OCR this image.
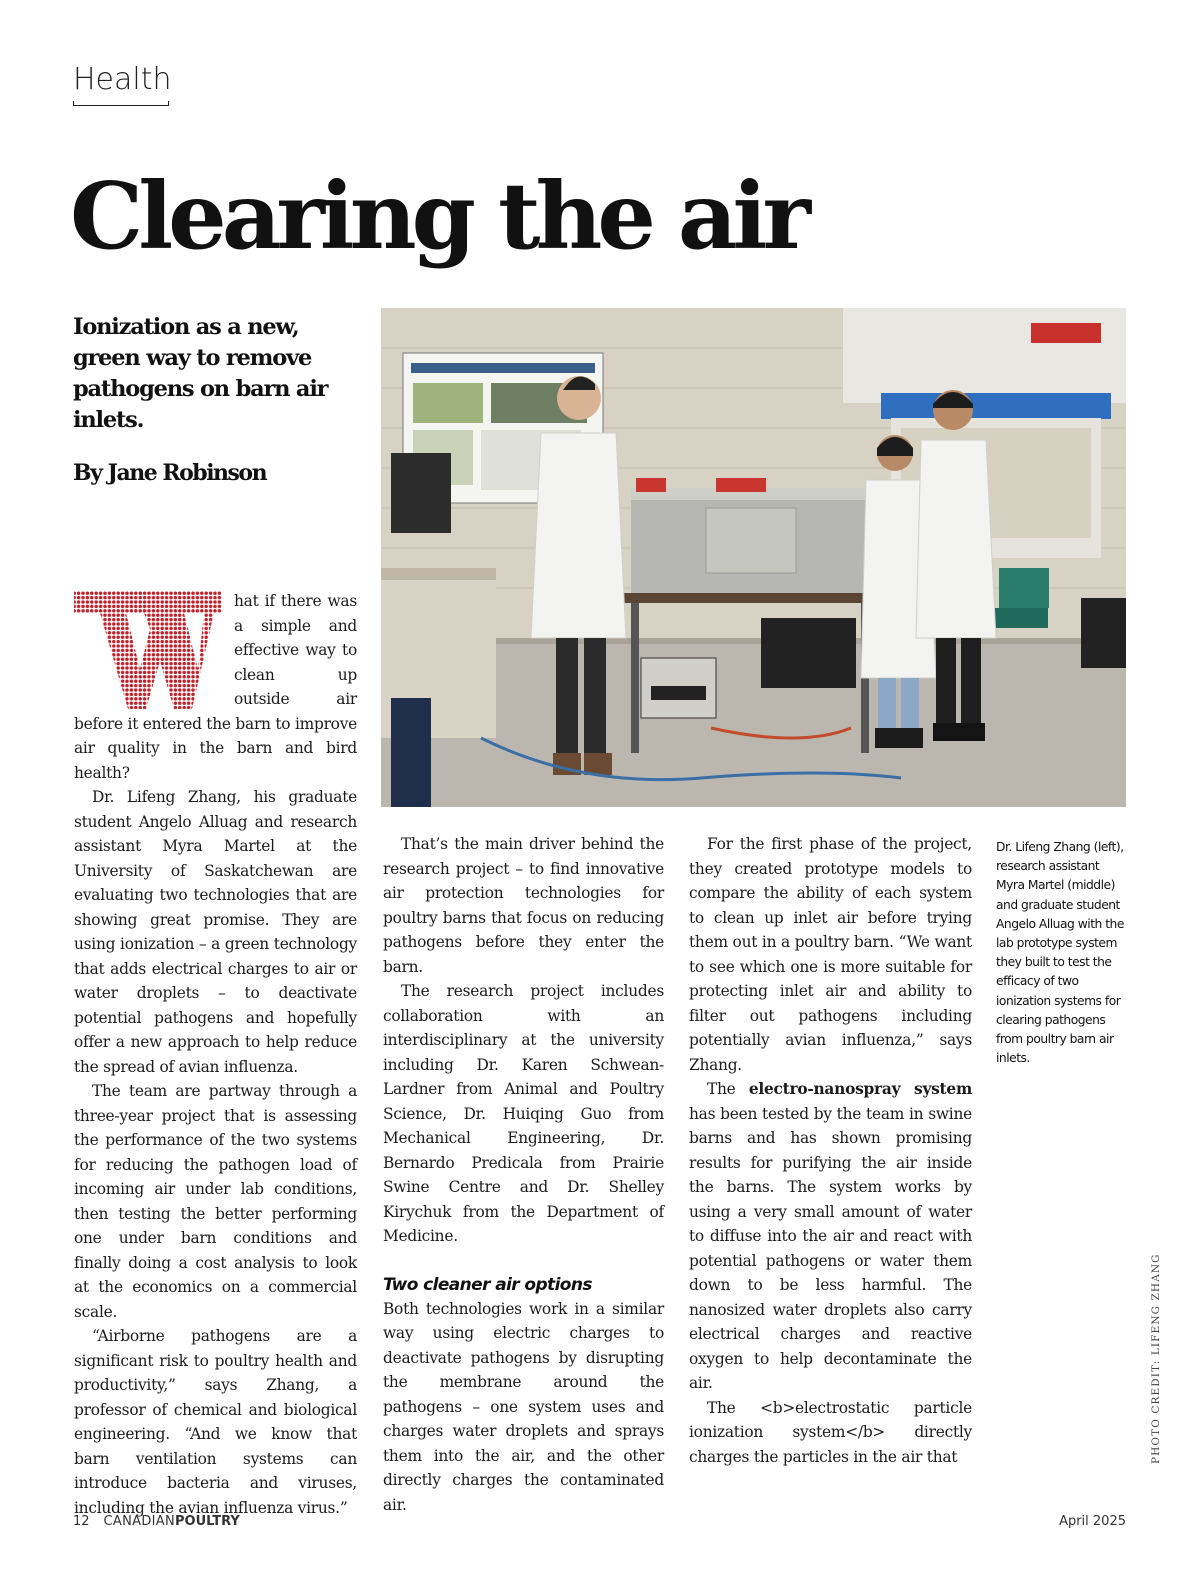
Health
Clearing the air

Ionization as a new, green way to remove pathogens on barn air inlets.

By Jane Robinson

hat if there was a simple and effective way to clean up outside air before it entered the barn to improve air quality in the barn and bird health?

Dr. Lifeng Zhang, his graduate student Angelo Alluag and research assistant Myra Martel at the University of Saskatchewan are evaluating two technologies that are showing great promise. They are using ionization – a green technology that adds electrical charges to air or water droplets – to deactivate potential pathogens and hopefully offer a new approach to help reduce the spread of avian influenza.

The team are partway through a three-year project that is assessing the performance of the two systems for reducing the pathogen load of incoming air under lab conditions, then testing the better performing one under barn conditions and finally doing a cost analysis to look at the economics on a commercial scale.

“Airborne pathogens are a significant risk to poultry health and productivity,” says Zhang, a professor of chemical and biological engineering. “And we know that barn ventilation systems can introduce bacteria and viruses, including the avian influenza virus.”

That’s the main driver behind the research project – to find innovative air protection technologies for poultry barns that focus on reducing pathogens before they enter the barn.

The research project includes collaboration with an interdisciplinary at the university including Dr. Karen Schwean-Lardner from Animal and Poultry Science, Dr. Huiqing Guo from Mechanical Engineering, Dr. Bernardo Predicala from Prairie Swine Centre and Dr. Shelley Kirychuk from the Department of Medicine.

Two cleaner air options

Both technologies work in a similar way using electric charges to deactivate pathogens by disrupting the membrane around the pathogens – one system uses and charges water droplets and sprays them into the air, and the other directly charges the contaminated air.

For the first phase of the project, they created prototype models to compare the ability of each system to clean up inlet air before trying them out in a poultry barn. “We want to see which one is more suitable for protecting inlet air and ability to filter out pathogens including potentially avian influenza,” says Zhang.

The electro-nanospray system has been tested by the team in swine barns and has shown promising results for purifying the air inside the barns. The system works by using a very small amount of water to diffuse into the air and react with potential pathogens or water them down to be less harmful. The nanosized water droplets also carry electrical charges and reactive oxygen to help decontaminate the air.

The <b>electrostatic particle ionization system</b> directly charges the particles in the air that

Dr. Lifeng Zhang (left), research assistant Myra Martel (middle) and graduate student Angelo Alluag with the lab prototype system they built to test the efficacy of two ionization systems for clearing pathogens from poultry barn air inlets.

PHOTO CREDIT: LIFENG ZHANG
12 CANADIANPOULTRY	April 2025
